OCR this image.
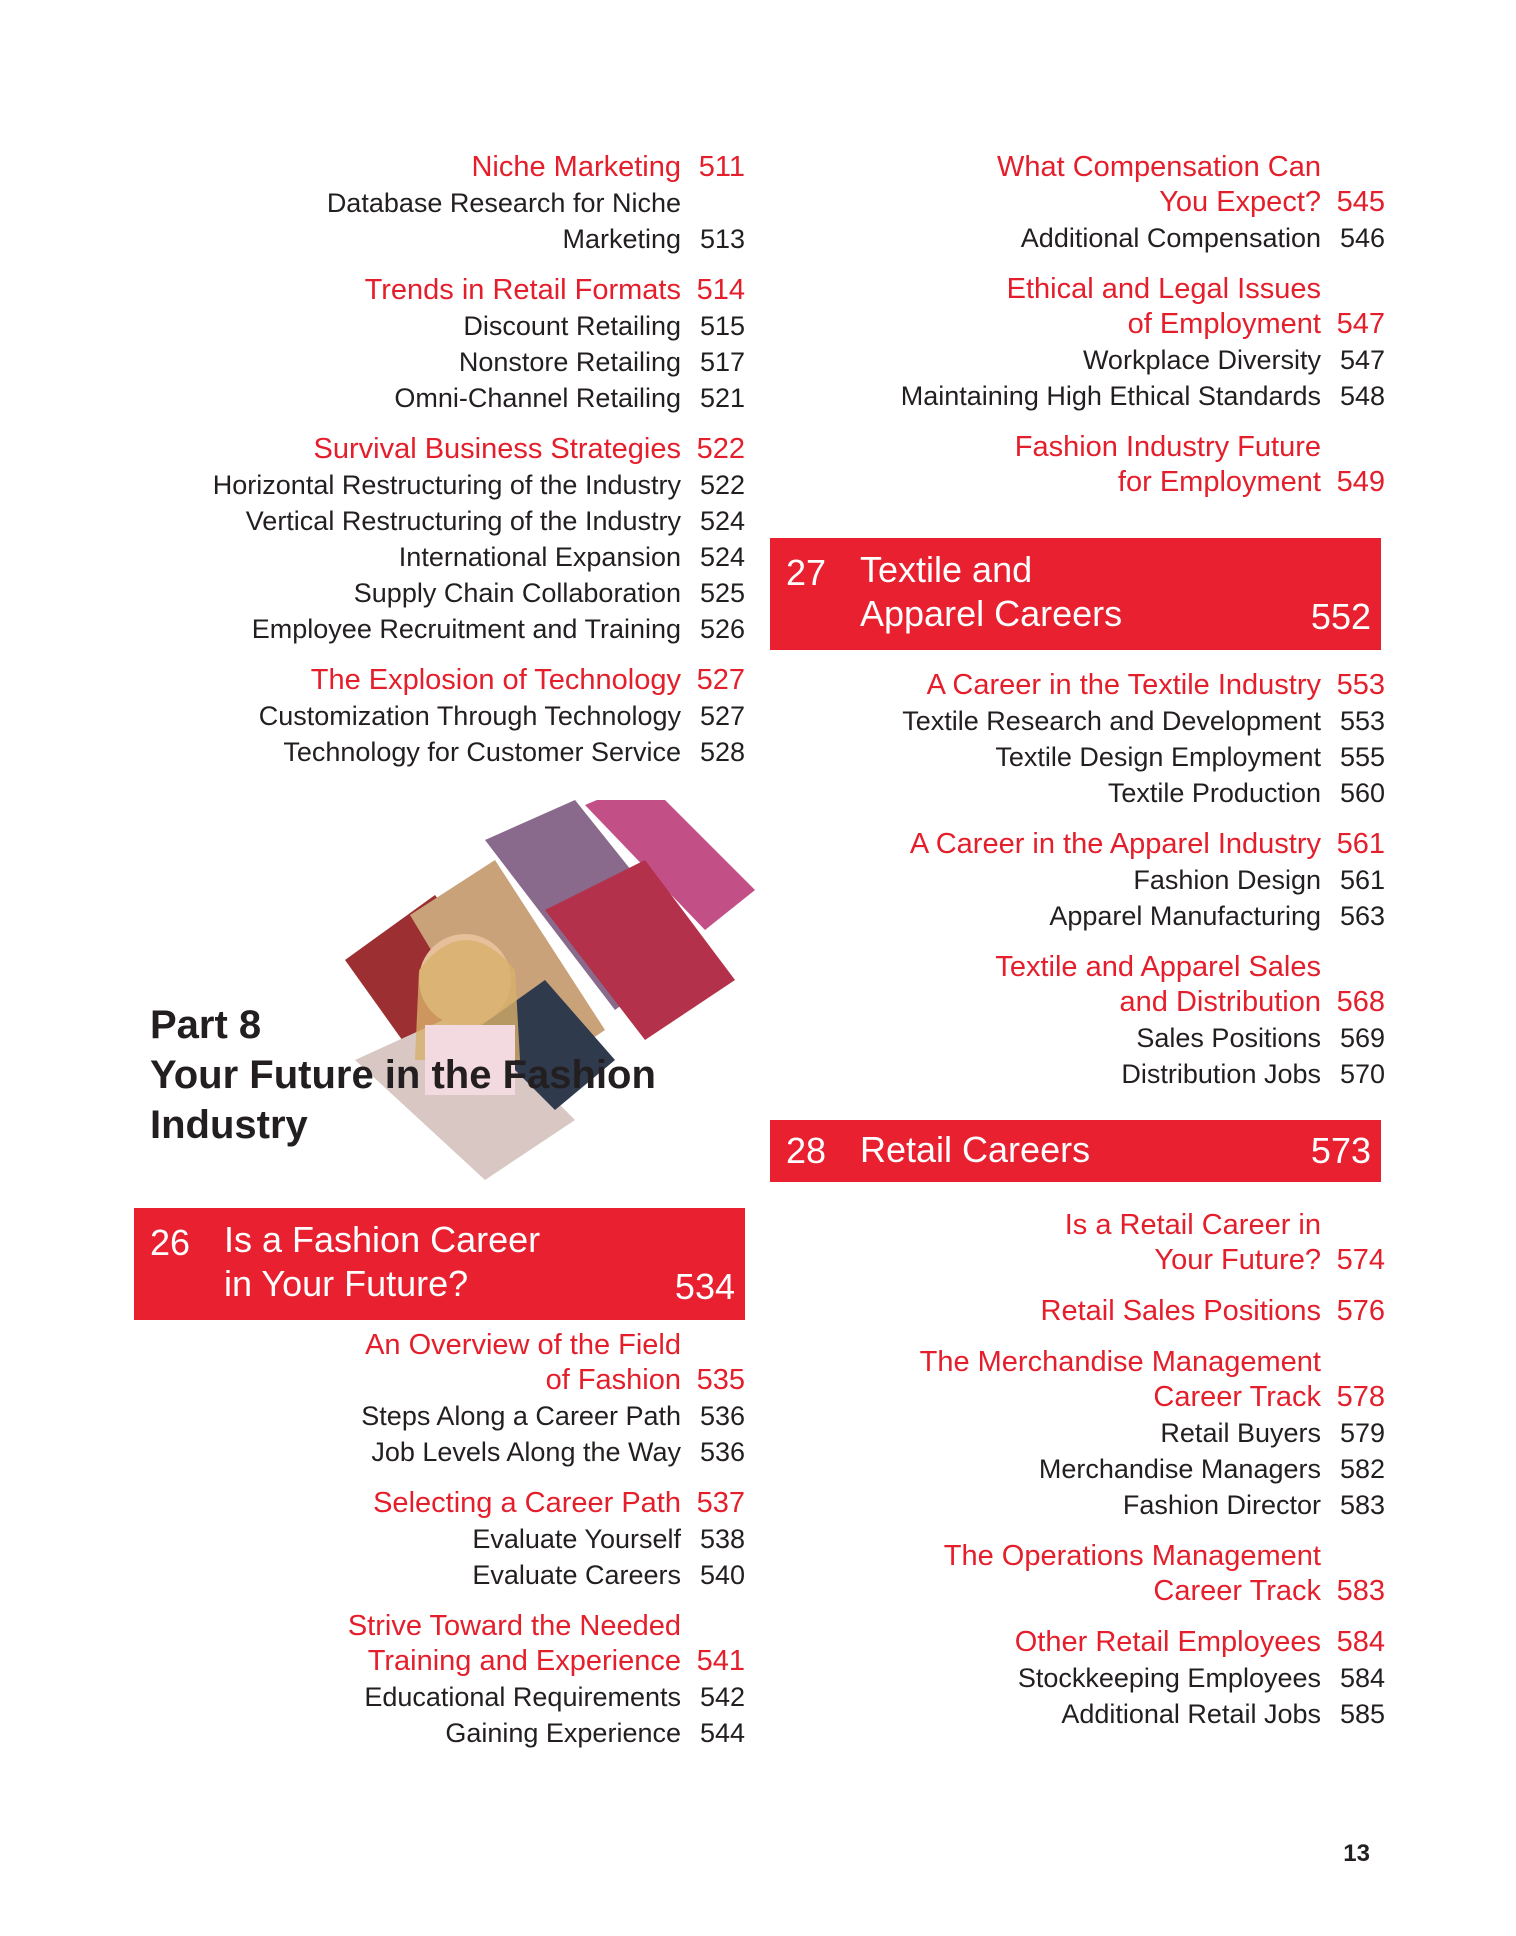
Niche Marketing 511
Database Research for Niche
Marketing 513
Trends in Retail Formats 514
Discount Retailing 515
Nonstore Retailing 517
Omni-Channel Retailing 521
Survival Business Strategies 522
Horizontal Restructuring of the Industry 522
Vertical Restructuring of the Industry 524
International Expansion 524
Supply Chain Collaboration 525
Employee Recruitment and Training 526
The Explosion of Technology 527
Customization Through Technology 527
Technology for Customer Service 528
Part 8
Your Future in the Fashion
Industry
26 Is a Fashion Career
in Your Future?	534
An Overview of the Field
of Fashion 535
Steps Along a Career Path 536
Job Levels Along the Way 536
Selecting a Career Path 537
Evaluate Yourself 538
Evaluate Careers 540
Strive Toward the Needed
Training and Experience 541
Educational Requirements 542
Gaining Experience 544
What Compensation Can
You Expect? 545
Additional Compensation 546
Ethical and Legal Issues
of Employment 547
Workplace Diversity 547
Maintaining High Ethical Standards 548
Fashion Industry Future
for Employment 549
27 Textile and
Apparel Careers	552
A Career in the Textile Industry 553
Textile Research and Development 553
Textile Design Employment 555
Textile Production 560
A Career in the Apparel Industry 561
Fashion Design 561
Apparel Manufacturing 563
Textile and Apparel Sales
and Distribution 568
Sales Positions 569
Distribution Jobs 570
28 Retail Careers	573
Is a Retail Career in
Your Future? 574
Retail Sales Positions 576
The Merchandise Management
Career Track 578
Retail Buyers 579
Merchandise Managers 582
Fashion Director 583
The Operations Management
Career Track 583
Other Retail Employees 584
Stockkeeping Employees 584
Additional Retail Jobs 585
13
